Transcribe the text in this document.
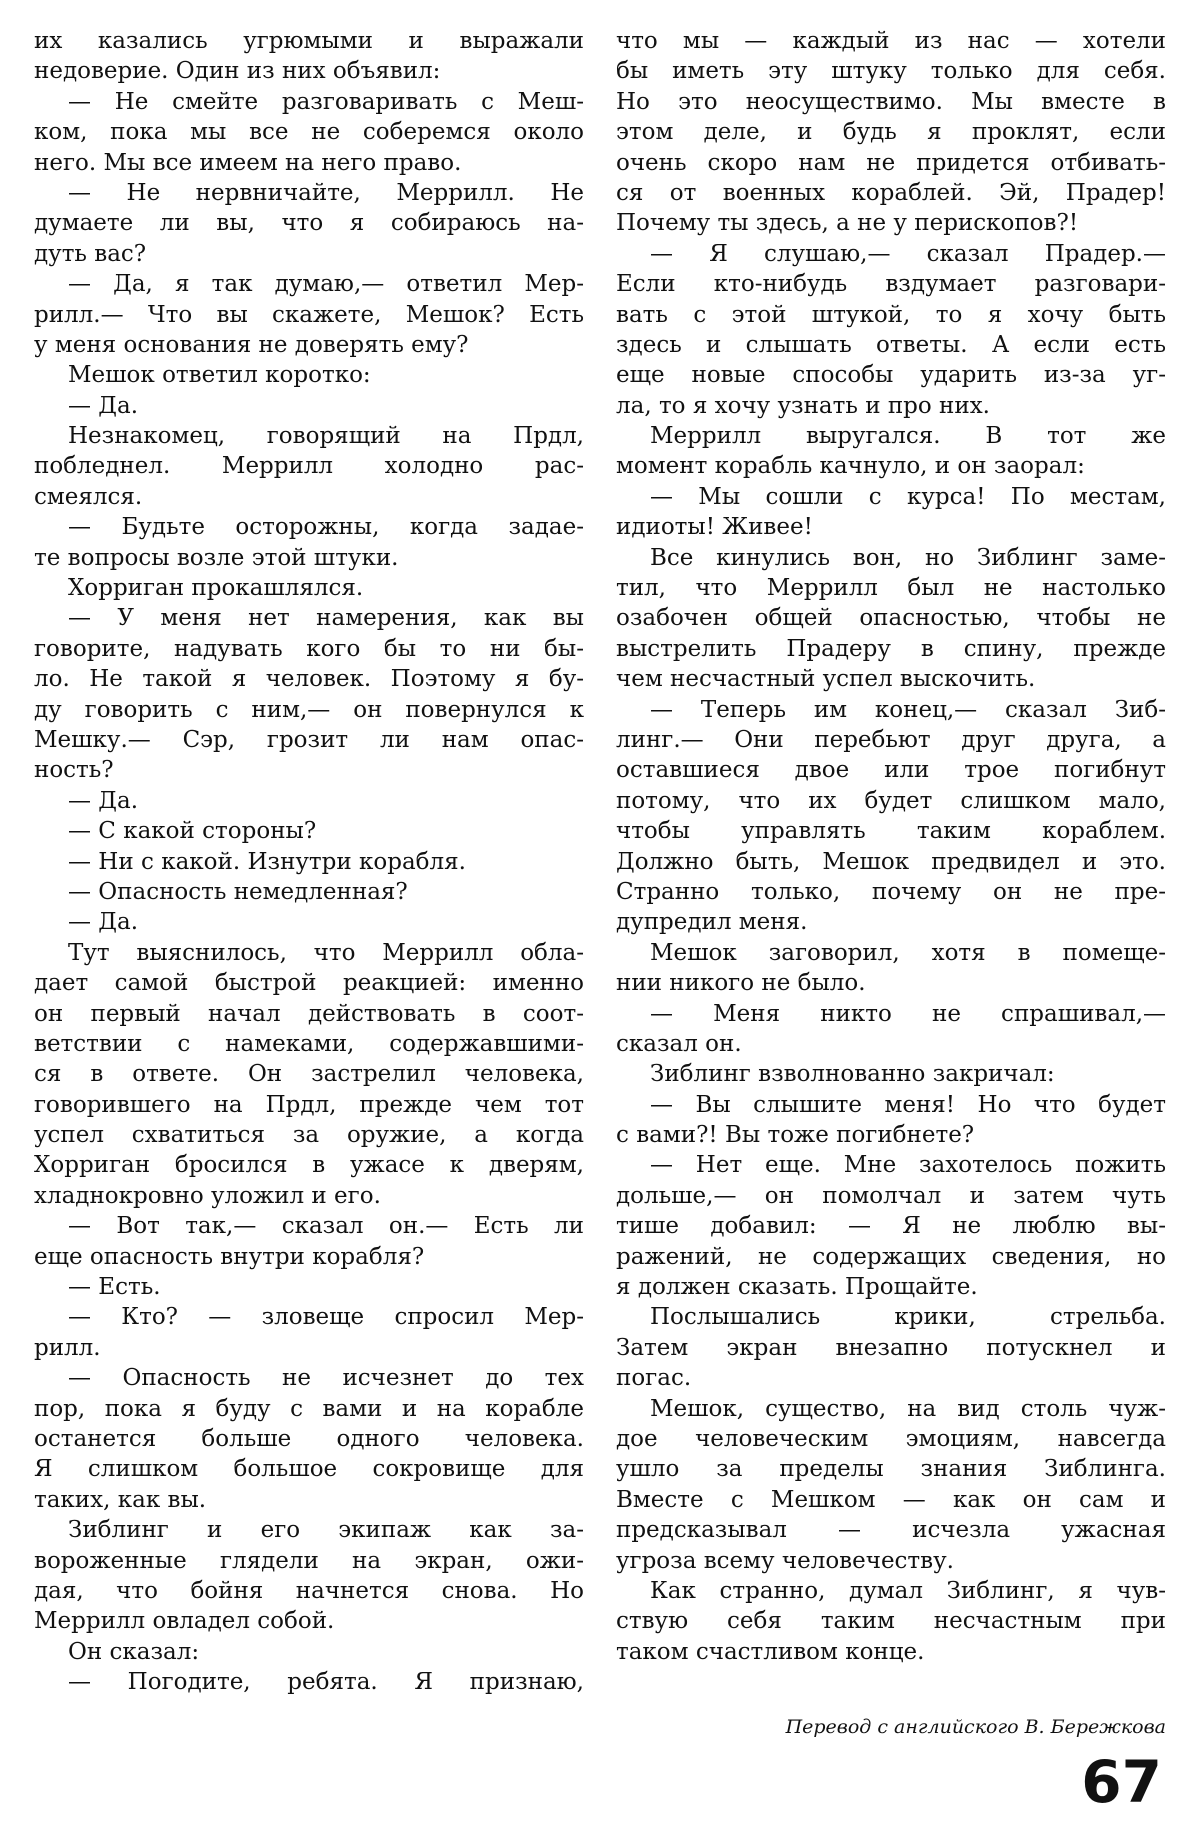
их казались угрюмыми и выражали
недоверие. Один из них объявил:
— Не смейте разговаривать с Меш-
ком, пока мы все не соберемся около
него. Мы все имеем на него право.
— Не нервничайте, Меррилл. Не
думаете ли вы, что я собираюсь на-
дуть вас?
— Да, я так думаю,— ответил Мер-
рилл.— Что вы скажете, Мешок? Есть
у меня основания не доверять ему?
Мешок ответил коротко:
— Да.
Незнакомец, говорящий на Прдл,
побледнел. Меррилл холодно рас-
смеялся.
— Будьте осторожны, когда задае-
те вопросы возле этой штуки.
Хорриган прокашлялся.
— У меня нет намерения, как вы
говорите, надувать кого бы то ни бы-
ло. Не такой я человек. Поэтому я бу-
ду говорить с ним,— он повернулся к
Мешку.— Сэр, грозит ли нам опас-
ность?
— Да.
— С какой стороны?
— Ни с какой. Изнутри корабля.
— Опасность немедленная?
— Да.
Тут выяснилось, что Меррилл обла-
дает самой быстрой реакцией: именно
он первый начал действовать в соот-
ветствии с намеками, содержавшими-
ся в ответе. Он застрелил человека,
говорившего на Прдл, прежде чем тот
успел схватиться за оружие, а когда
Хорриган бросился в ужасе к дверям,
хладнокровно уложил и его.
— Вот так,— сказал он.— Есть ли
еще опасность внутри корабля?
— Есть.
— Кто? — зловеще спросил Мер-
рилл.
— Опасность не исчезнет до тех
пор, пока я буду с вами и на корабле
останется больше одного человека.
Я слишком большое сокровище для
таких, как вы.
Зиблинг и его экипаж как за-
вороженные глядели на экран, ожи-
дая, что бойня начнется снова. Но
Меррилл овладел собой.
Он сказал:
— Погодите, ребята. Я признаю,
что мы — каждый из нас — хотели
бы иметь эту штуку только для себя.
Но это неосуществимо. Мы вместе в
этом деле, и будь я проклят, если
очень скоро нам не придется отбивать-
ся от военных кораблей. Эй, Прадер!
Почему ты здесь, а не у перископов?!
— Я слушаю,— сказал Прадер.—
Если кто-нибудь вздумает разговари-
вать с этой штукой, то я хочу быть
здесь и слышать ответы. А если есть
еще новые способы ударить из-за уг-
ла, то я хочу узнать и про них.
Меррилл выругался. В тот же
момент корабль качнуло, и он заорал:
— Мы сошли с курса! По местам,
идиоты! Живее!
Все кинулись вон, но Зиблинг заме-
тил, что Меррилл был не настолько
озабочен общей опасностью, чтобы не
выстрелить Прадеру в спину, прежде
чем несчастный успел выскочить.
— Теперь им конец,— сказал Зиб-
линг.— Они перебьют друг друга, а
оставшиеся двое или трое погибнут
потому, что их будет слишком мало,
чтобы управлять таким кораблем.
Должно быть, Мешок предвидел и это.
Странно только, почему он не пре-
дупредил меня.
Мешок заговорил, хотя в помеще-
нии никого не было.
— Меня никто не спрашивал,—
сказал он.
Зиблинг взволнованно закричал:
— Вы слышите меня! Но что будет
с вами?! Вы тоже погибнете?
— Нет еще. Мне захотелось пожить
дольше,— он помолчал и затем чуть
тише добавил: — Я не люблю вы-
ражений, не содержащих сведения, но
я должен сказать. Прощайте.
Послышались крики, стрельба.
Затем экран внезапно потускнел и
погас.
Мешок, существо, на вид столь чуж-
дое человеческим эмоциям, навсегда
ушло за пределы знания Зиблинга.
Вместе с Мешком — как он сам и
предсказывал — исчезла ужасная
угроза всему человечеству.
Как странно, думал Зиблинг, я чув-
ствую себя таким несчастным при
таком счастливом конце.
Перевод с английского В. Бережкова
67
